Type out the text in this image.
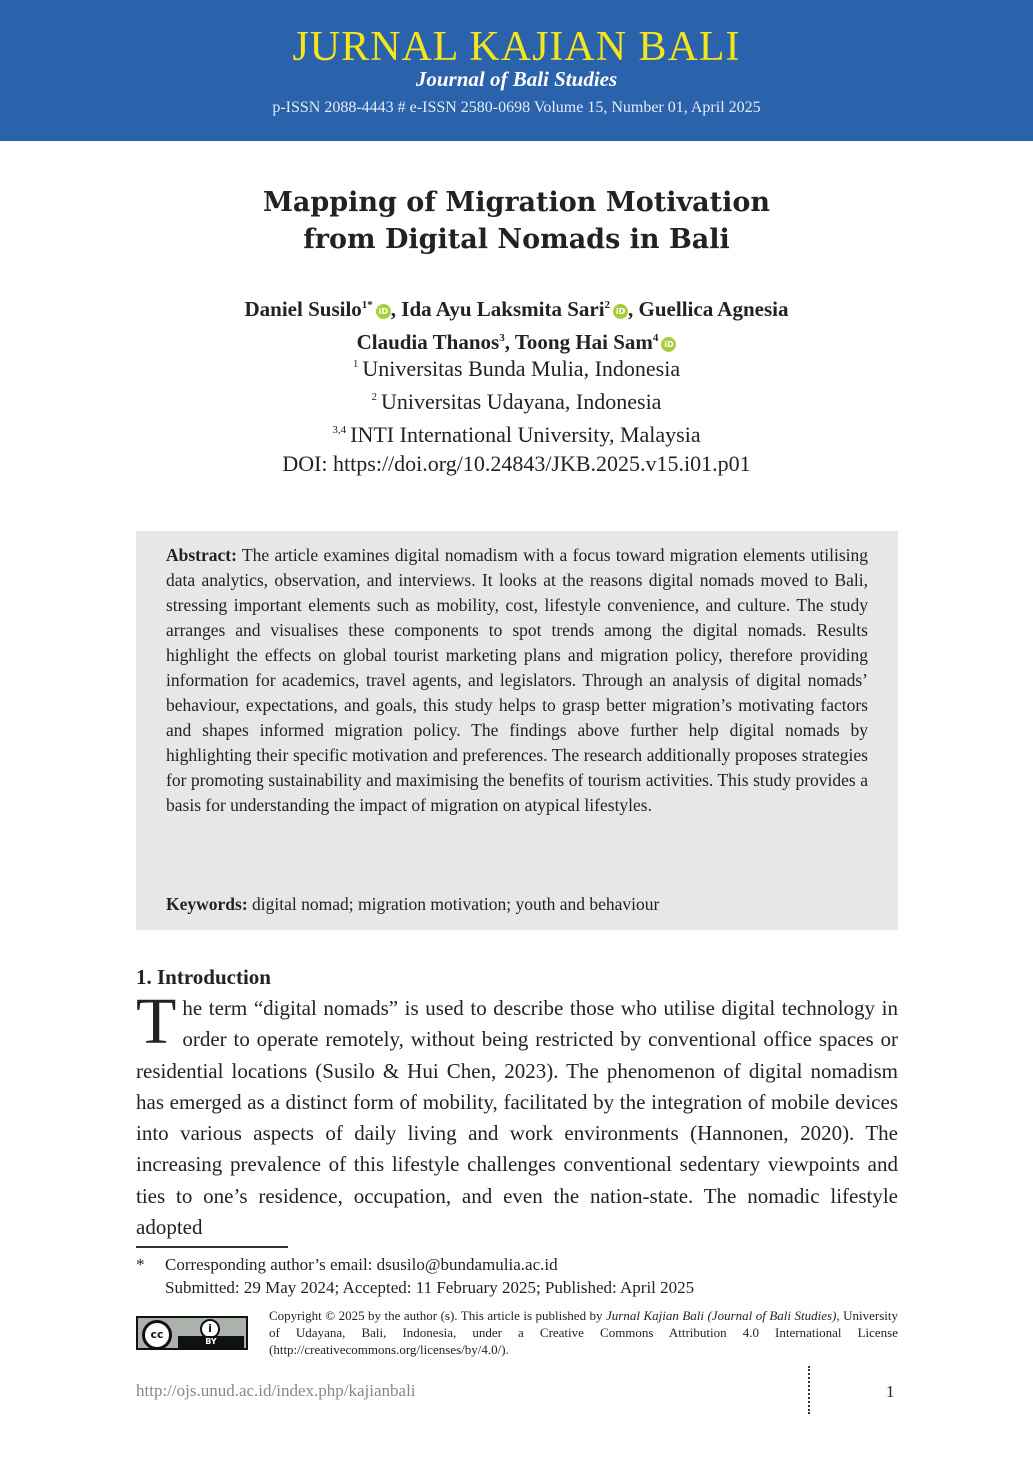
JURNAL KAJIAN BALI
Journal of Bali Studies
p-ISSN 2088-4443 # e-ISSN 2580-0698 Volume 15, Number 01, April 2025
Mapping of Migration Motivation
from Digital Nomads in Bali
Daniel Susilo$^{1*}$iD , Ida Ayu Laksmita Sari$^2$iD , Guellica Agnesia
Claudia Thanos$^3$, Toong Hai Sam$^4$iD
$^1$ Universitas Bunda Mulia, Indonesia
$^2$ Universitas Udayana, Indonesia
$^{3,4}$ INTI International University, Malaysia
DOI: https://doi.org/10.24843/JKB.2025.v15.i01.p01
Abstract: The article examines digital nomadism with a focus toward migration elements utilising data analytics, observation, and interviews. It looks at the reasons digital nomads moved to Bali, stressing important elements such as mobility, cost, lifestyle convenience, and culture. The study arranges and visualises these components to spot trends among the digital nomads. Results highlight the effects on global tourist marketing plans and migration policy, therefore providing information for academics, travel agents, and legislators. Through an analysis of digital nomads’ behaviour, expectations, and goals, this study helps to grasp better migration’s motivating factors and shapes informed migration policy. The findings above further help digital nomads by highlighting their specific motivation and preferences. The research additionally proposes strategies for promoting sustainability and maximising the benefits of tourism activities. This study provides a basis for understanding the impact of migration on atypical lifestyles.
Keywords: digital nomad; migration motivation; youth and behaviour
1. Introduction
The term “digital nomads” is used to describe those who utilise digital technology in order to operate remotely, without being restricted by conventional office spaces or residential locations (Susilo & Hui Chen, 2023). The phenomenon of digital nomadism has emerged as a distinct form of mobility, facilitated by the integration of mobile devices into various aspects of daily living and work environments (Hannonen, 2020). The increasing prevalence of this lifestyle challenges conventional sedentary viewpoints and ties to one’s residence, occupation, and even the nation-state. The nomadic lifestyle adopted
* Corresponding author’s email: dsusilo@bundamulia.ac.id
Submitted: 29 May 2024; Accepted: 11 February 2025; Published: April 2025
cc	i
BY
Copyright © 2025 by the author (s). This article is published by Jurnal Kajian Bali (Journal of Bali Studies), University of Udayana, Bali, Indonesia, under a Creative Commons Attribution 4.0 International License (http://creativecommons.org/licenses/by/4.0/).
http://ojs.unud.ac.id/index.php/kajianbali	1
